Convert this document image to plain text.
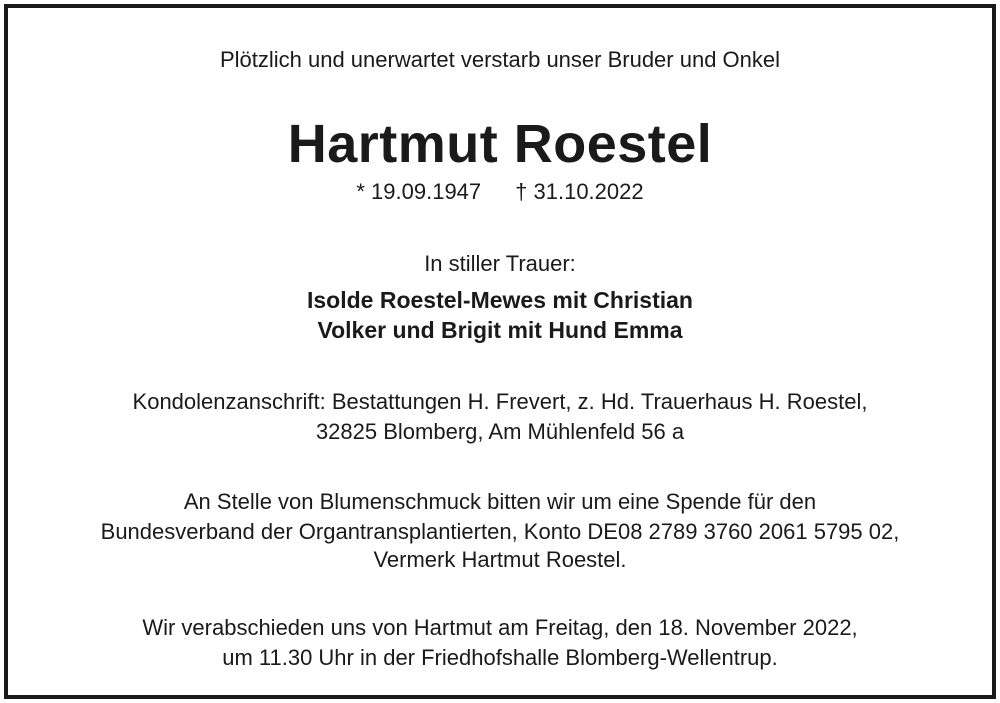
Plötzlich und unerwartet verstarb unser Bruder und Onkel
Hartmut Roestel
* 19.09.1947 † 31.10.2022
In stiller Trauer:
Isolde Roestel-Mewes mit Christian
Volker und Brigit mit Hund Emma
Kondolenzanschrift: Bestattungen H. Frevert, z. Hd. Trauerhaus H. Roestel,
32825 Blomberg, Am Mühlenfeld 56 a
An Stelle von Blumenschmuck bitten wir um eine Spende für den
Bundesverband der Organtransplantierten, Konto DE08 2789 3760 2061 5795 02,
Vermerk Hartmut Roestel.
Wir verabschieden uns von Hartmut am Freitag, den 18. November 2022,
um 11.30 Uhr in der Friedhofshalle Blomberg-Wellentrup.
